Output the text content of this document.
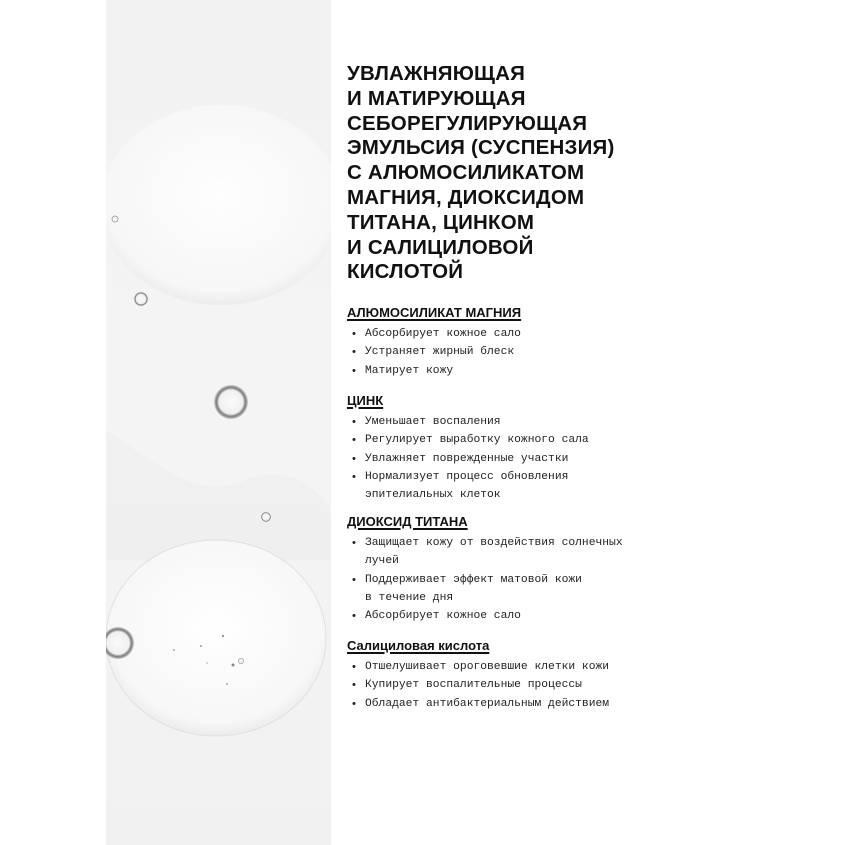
УВЛАЖНЯЮЩАЯ
И МАТИРУЮЩАЯ
СЕБОРЕГУЛИРУЮЩАЯ
ЭМУЛЬСИЯ (СУСПЕНЗИЯ)
С АЛЮМОСИЛИКАТОМ
МАГНИЯ, ДИОКСИДОМ
ТИТАНА, ЦИНКОМ
И САЛИЦИЛОВОЙ
КИСЛОТОЙ
АЛЮМОСИЛИКАТ МАГНИЯ
• Абсорбирует кожное сало
• Устраняет жирный блеск
• Матирует кожу
ЦИНК
• Уменьшает воспаления
• Регулирует выработку кожного сала
• Увлажняет поврежденные участки
• Нормализует процесс обновления
эпителиальных клеток
ДИОКСИД ТИТАНА
• Защищает кожу от воздействия солнечных
лучей
• Поддерживает эффект матовой кожи
в течение дня
• Абсорбирует кожное сало
Салициловая кислота
• Отшелушивает ороговевшие клетки кожи
• Купирует воспалительные процессы
• Обладает антибактериальным действием
